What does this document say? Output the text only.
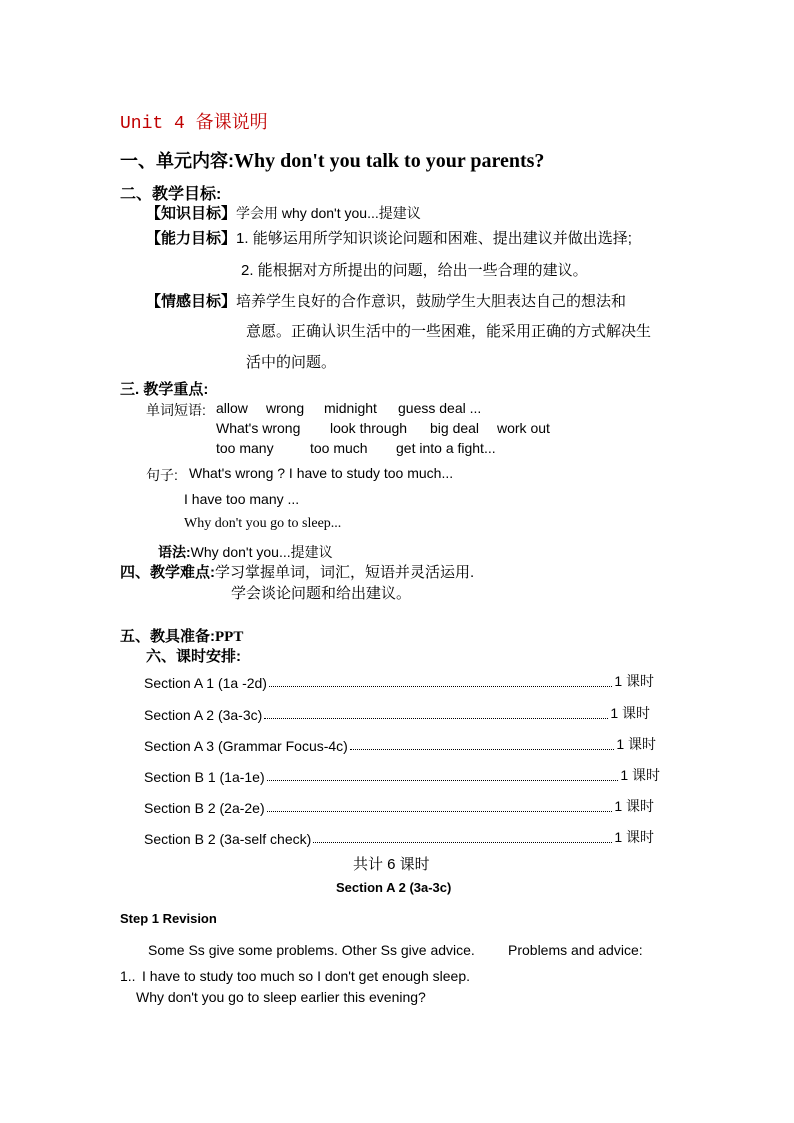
Unit 4 备课说明
一、单元内容:Why don't you talk to your parents?
二、教学目标:
【知识目标】学会用 why don't you...提建议
【能力目标】1. 能够运用所学知识谈论问题和困难、提出建议并做出选择;
2. 能根据对方所提出的问题，给出一些合理的建议。
【情感目标】培养学生良好的合作意识，鼓励学生大胆表达自己的想法和
意愿。正确认识生活中的一些困难，能采用正确的方式解决生
活中的问题。
三. 教学重点:
单词短语: allow wrong midnight guess deal ...
What's wrong look through big deal work out
too many	too much get into a fight...
句子: What's wrong ? I have to study too much...
I have too many ...
Why don't you go to sleep...
语法:Why don't you...提建议
四、教学难点:学习掌握单词，词汇，短语并灵活运用.
学会谈论问题和给出建议。
五、教具准备:PPT
六、课时安排:
Section A 1 (1a -2d)	1 课时
Section A 2 (3a-3c)	1 课时
Section A 3 (Grammar Focus-4c)	1 课时
Section B 1 (1a-1e)	1 课时
Section B 2 (2a-2e)	1 课时
Section B 2 (3a-self check)	1 课时
共计 6 课时
Section A 2 (3a-3c)
Step 1 Revision
Some Ss give some problems. Other Ss give advice. Problems and advice:
1.. I have to study too much so I don't get enough sleep.
Why don't you go to sleep earlier this evening?
